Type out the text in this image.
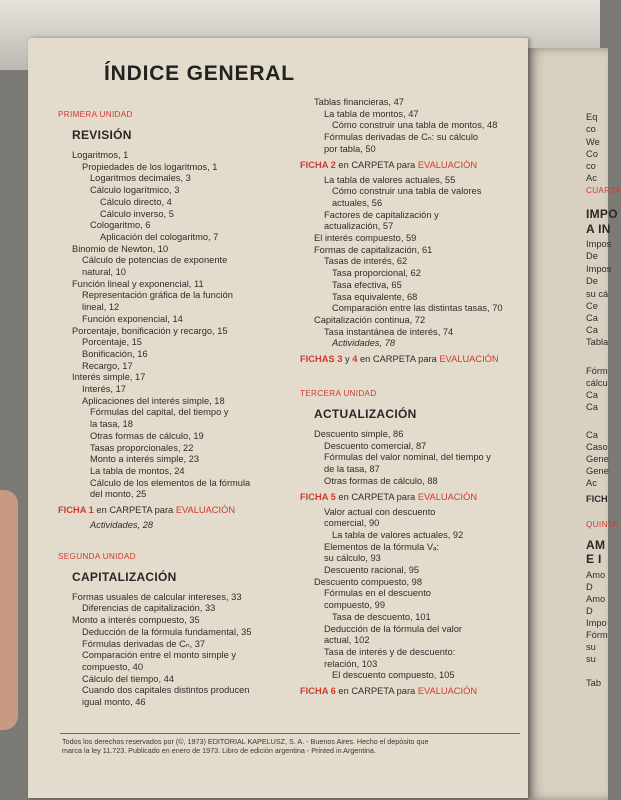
Eq
co
We
Co
co
Ac
CUARTA
IMPO
A IN
Impos
De
Impos
De
su cá
Ce
Ca
Ca
Tabla
Fórm
cálcu
Ca
Ca
Ca
Caso
Gene
Gene
Ac
FICH
QUINTA
AM
E I
Amo
D
Amo
D
Impo
Fórm
su
su
Tab
ÍNDICE GENERAL
PRIMERA UNIDAD
REVISIÓN
Logaritmos, 1
Propiedades de los logaritmos, 1
Logaritmos decimales, 3
Cálculo logarítmico, 3
Cálculo directo, 4
Cálculo inverso, 5
Cologaritmo, 6
Aplicación del cologaritmo, 7
Binomio de Newton, 10
Cálculo de potencias de exponente
natural, 10
Función lineal y exponencial, 11
Representación gráfica de la función
lineal, 12
Función exponencial, 14
Porcentaje, bonificación y recargo, 15
Porcentaje, 15
Bonificación, 16
Recargo, 17
Interés simple, 17
Interés, 17
Aplicaciones del interés simple, 18
Fórmulas del capital, del tiempo y
la tasa, 18
Otras formas de cálculo, 19
Tasas proporcionales, 22
Monto a interés simple, 23
La tabla de montos, 24
Cálculo de los elementos de la fórmula
del monto, 25
FICHA 1 en CARPETA para EVALUACIÓN
Actividades, 28
SEGUNDA UNIDAD
CAPITALIZACIÓN
Formas usuales de calcular intereses, 33
Diferencias de capitalización, 33
Monto a interés compuesto, 35
Deducción de la fórmula fundamental, 35
Fórmulas derivadas de Cₙ, 37
Comparación entre el monto simple y
compuesto, 40
Cálculo del tiempo, 44
Cuando dos capitales distintos producen
igual monto, 46
Tablas financieras, 47
La tabla de montos, 47
Cómo construir una tabla de montos, 48
Fórmulas derivadas de Cₙ: su cálculo
por tabla, 50
FICHA 2 en CARPETA para EVALUACIÓN
La tabla de valores actuales, 55
Cómo construir una tabla de valores
actuales, 56
Factores de capitalización y
actualización, 57
El interés compuesto, 59
Formas de capitalización, 61
Tasas de interés, 62
Tasa proporcional, 62
Tasa efectiva, 65
Tasa equivalente, 68
Comparación entre las distintas tasas, 70
Capitalización continua, 72
Tasa instantánea de interés, 74
Actividades, 78
FICHAS 3 y 4 en CARPETA para EVALUACIÓN
TERCERA UNIDAD
ACTUALIZACIÓN
Descuento simple, 86
Descuento comercial, 87
Fórmulas del valor nominal, del tiempo y
de la tasa, 87
Otras formas de cálculo, 88
FICHA 5 en CARPETA para EVALUACIÓN
Valor actual con descuento
comercial, 90
La tabla de valores actuales, 92
Elementos de la fórmula Vₐ:
su cálculo, 93
Descuento racional, 95
Descuento compuesto, 98
Fórmulas en el descuento
compuesto, 99
Tasa de descuento, 101
Deducción de la fórmula del valor
actual, 102
Tasa de interés y de descuento:
relación, 103
El descuento compuesto, 105
FICHA 6 en CARPETA para EVALUACIÓN
Todos los derechos reservados por (©, 1973) EDITORIAL KAPELUSZ, S. A. - Buenos Aires. Hecho el depósito que
marca la ley 11.723. Publicado en enero de 1973. Libro de edición argentina - Printed in Argentina.
